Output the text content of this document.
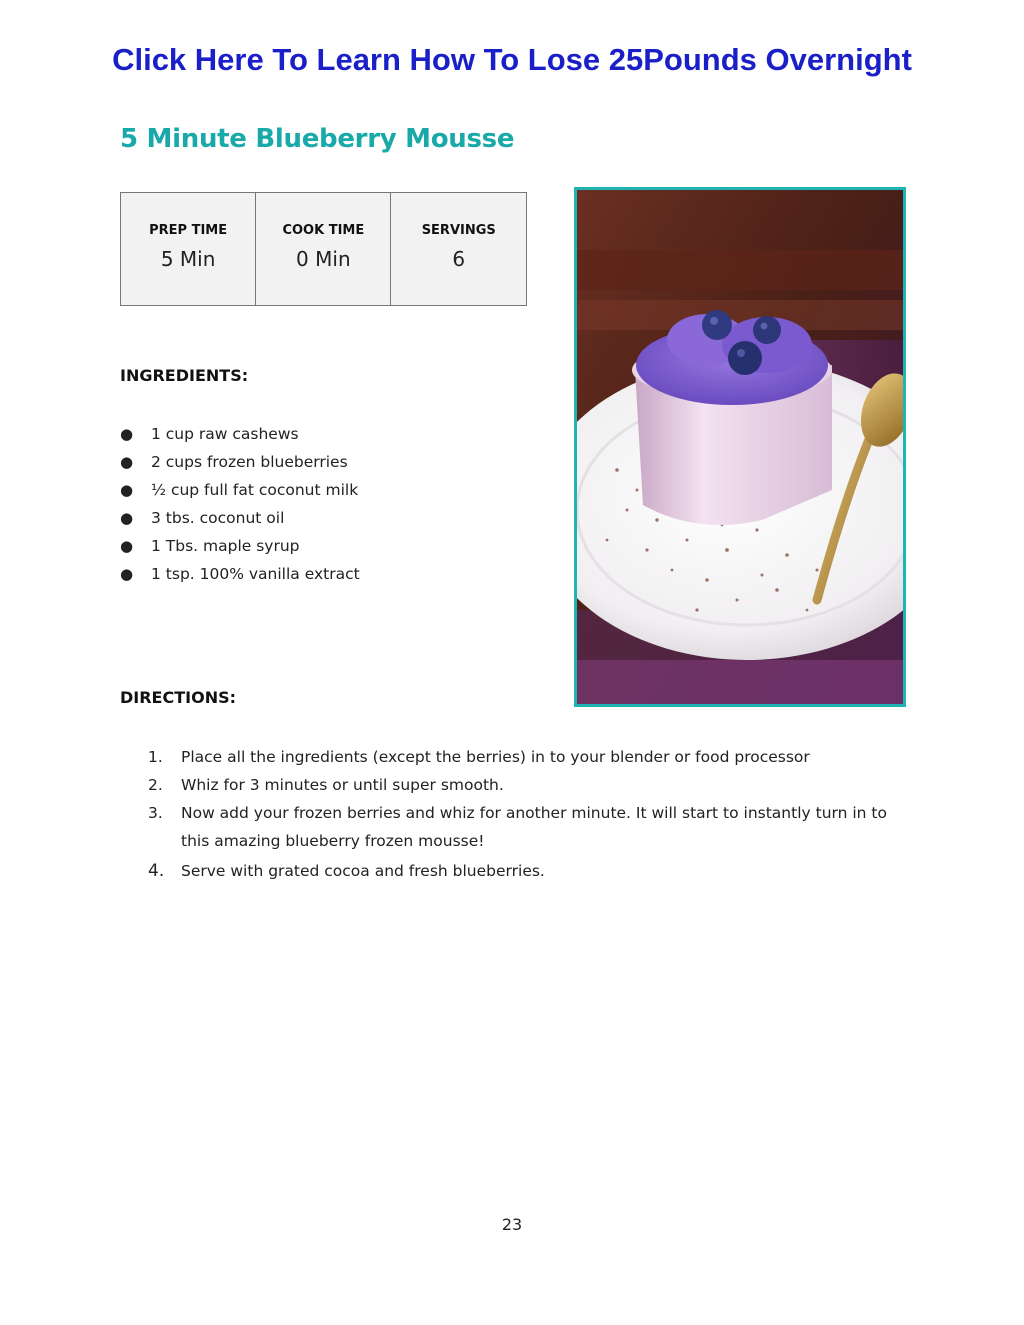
Click Here To Learn How To Lose 25Pounds Overnight
5 Minute Blueberry Mousse
PREP TIME
5 Min

COOK TIME
0 Min

SERVINGS
6
INGREDIENTS:
● 1 cup raw cashews
● 2 cups frozen blueberries
● ½ cup full fat coconut milk
● 3 tbs. coconut oil
● 1 Tbs. maple syrup
● 1 tsp. 100% vanilla extract
DIRECTIONS:
1.	Place all the ingredients (except the berries) in to your blender or food processor
2.	Whiz for 3 minutes or until super smooth.
3.	Now add your frozen berries and whiz for another minute. It will start to instantly turn in to this amazing blueberry frozen mousse!
4. Serve with grated cocoa and fresh blueberries.
23
